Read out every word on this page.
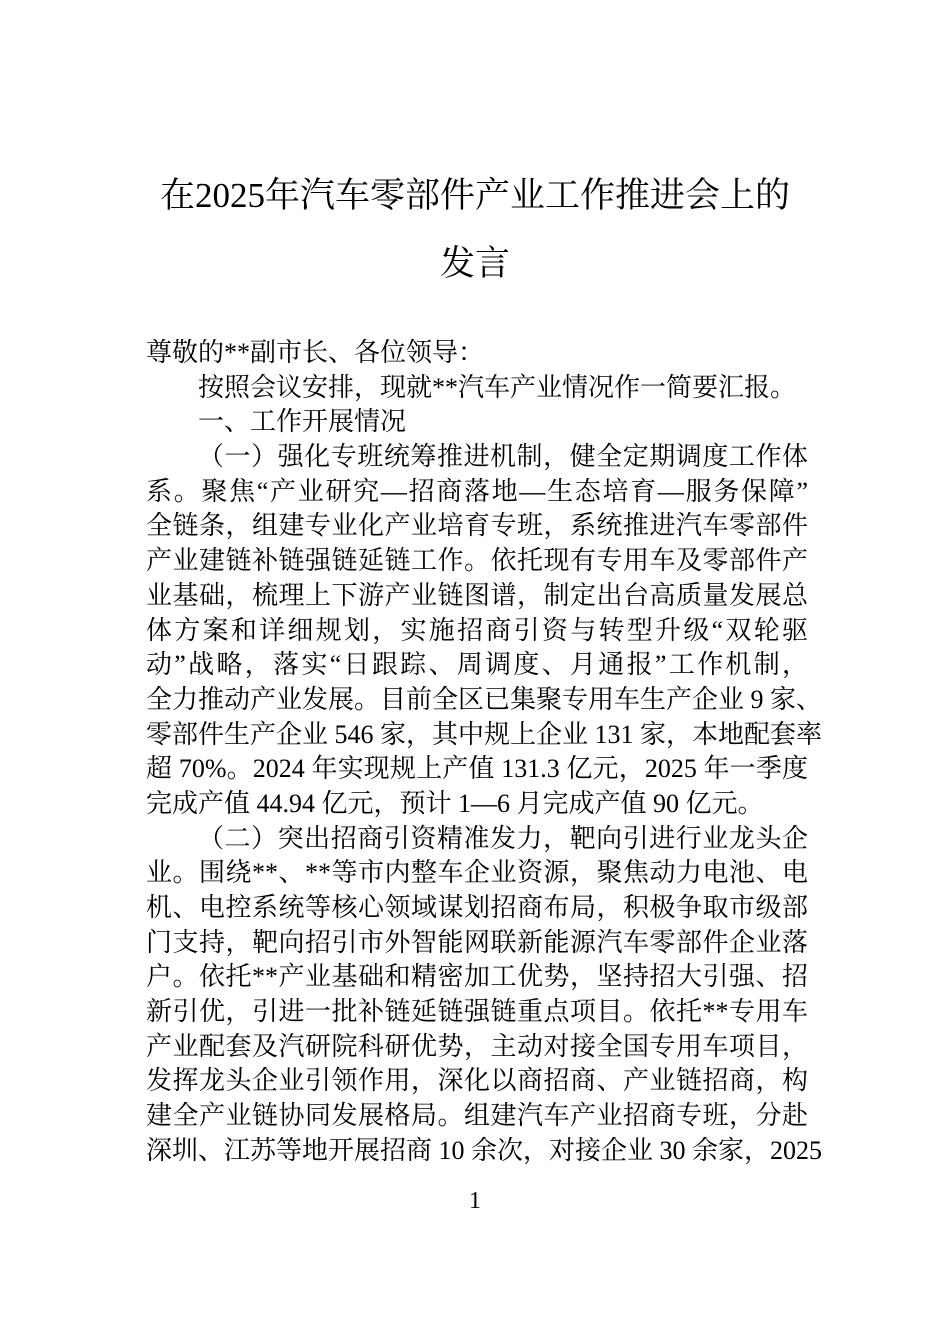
在2025年汽车零部件产业工作推进会上的
发言
尊敬的**副市长、各位领导：
按照会议安排，现就**汽车产业情况作一简要汇报。
一、工作开展情况
（一）强化专班统筹推进机制，健全定期调度工作体
系。聚焦“产业研究—招商落地—生态培育—服务保障”
全链条，组建专业化产业培育专班，系统推进汽车零部件
产业建链补链强链延链工作。依托现有专用车及零部件产
业基础，梳理上下游产业链图谱，制定出台高质量发展总
体方案和详细规划，实施招商引资与转型升级“双轮驱
动”战略，落实“日跟踪、周调度、月通报”工作机制，
全力推动产业发展。目前全区已集聚专用车生产企业 9 家、
零部件生产企业 546 家，其中规上企业 131 家，本地配套率
超 70%。2024 年实现规上产值 131.3 亿元，2025 年一季度
完成产值 44.94 亿元，预计 1—6 月完成产值 90 亿元。
（二）突出招商引资精准发力，靶向引进行业龙头企
业。围绕**、**等市内整车企业资源，聚焦动力电池、电
机、电控系统等核心领域谋划招商布局，积极争取市级部
门支持，靶向招引市外智能网联新能源汽车零部件企业落
户。依托**产业基础和精密加工优势，坚持招大引强、招
新引优，引进一批补链延链强链重点项目。依托**专用车
产业配套及汽研院科研优势，主动对接全国专用车项目，
发挥龙头企业引领作用，深化以商招商、产业链招商，构
建全产业链协同发展格局。组建汽车产业招商专班，分赴
深圳、江苏等地开展招商 10 余次，对接企业 30 余家，2025
1
